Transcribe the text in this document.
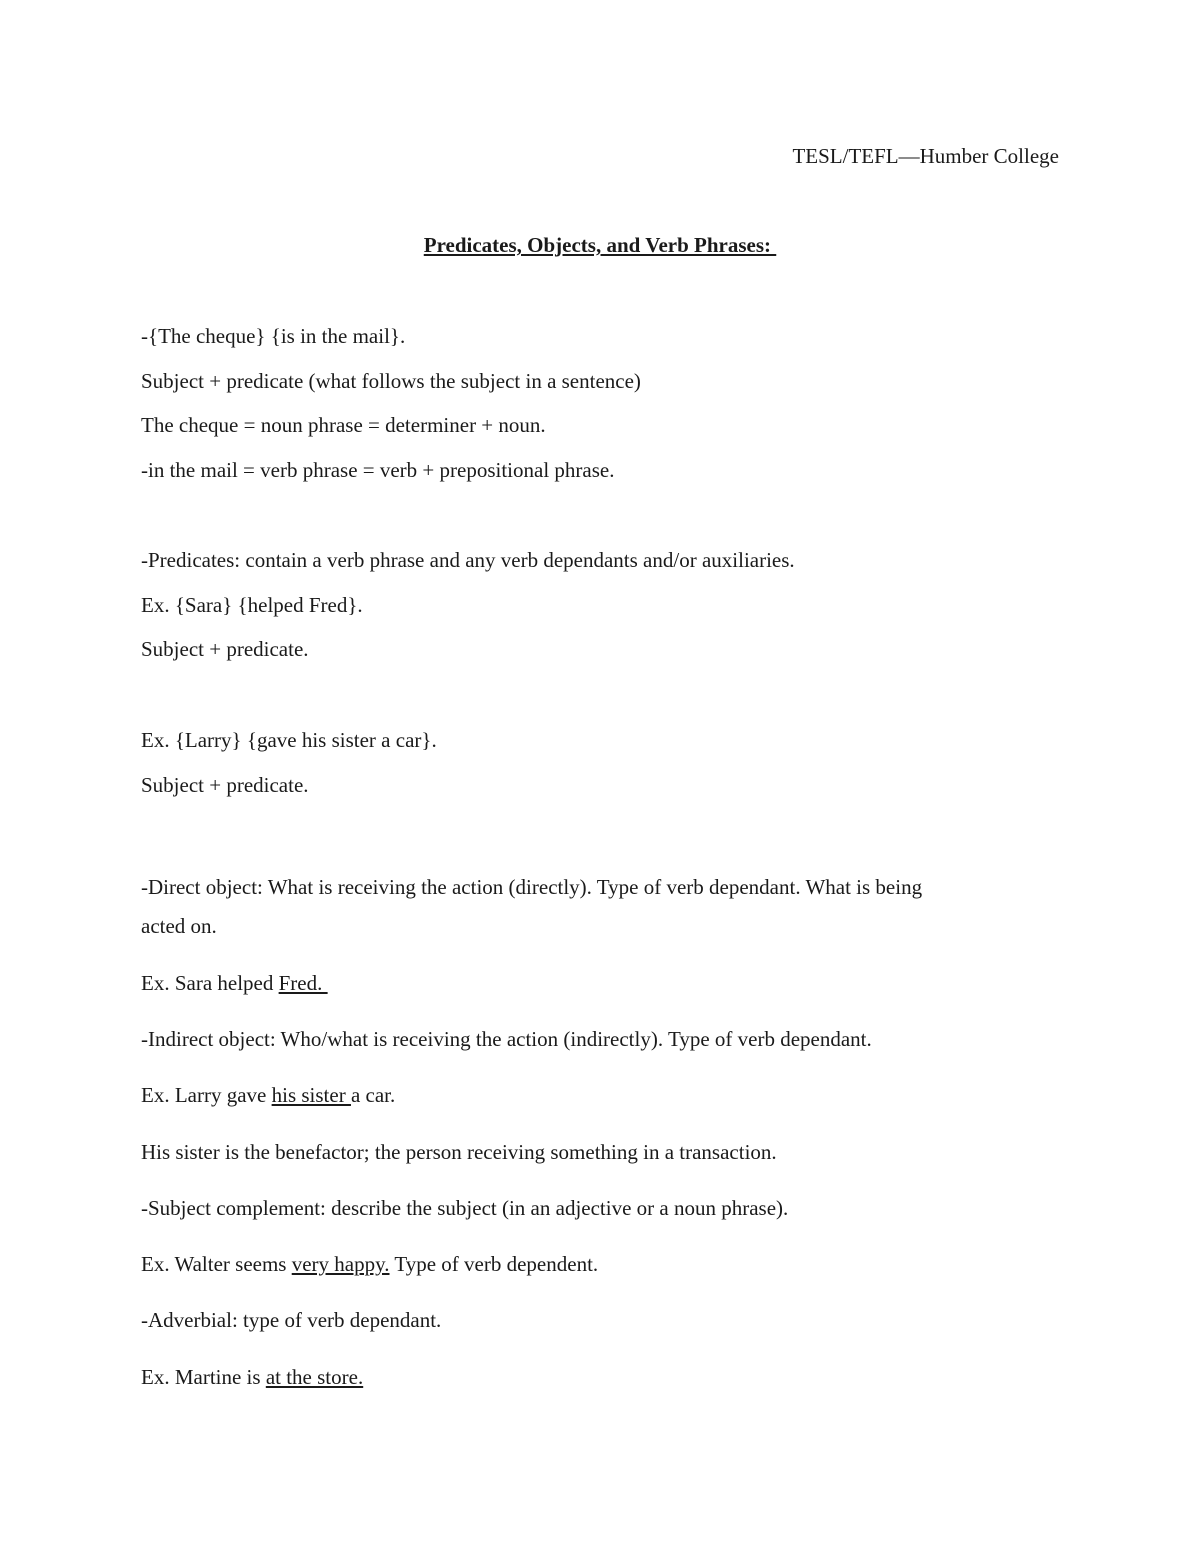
TESL/TEFL—Humber College
Predicates, Objects, and Verb Phrases:

-{The cheque} {is in the mail}.

Subject + predicate (what follows the subject in a sentence)

The cheque = noun phrase = determiner + noun.

-in the mail = verb phrase = verb + prepositional phrase.

-Predicates: contain a verb phrase and any verb dependants and/or auxiliaries.

Ex. {Sara} {helped Fred}.

Subject + predicate.

Ex. {Larry} {gave his sister a car}.

Subject + predicate.

-Direct object: What is receiving the action (directly). Type of verb dependant. What is being

acted on.

Ex. Sara helped Fred.

-Indirect object: Who/what is receiving the action (indirectly). Type of verb dependant.

Ex. Larry gave his sister a car.

His sister is the benefactor; the person receiving something in a transaction.

-Subject complement: describe the subject (in an adjective or a noun phrase).

Ex. Walter seems very happy. Type of verb dependent.

-Adverbial: type of verb dependant.

Ex. Martine is at the store.
